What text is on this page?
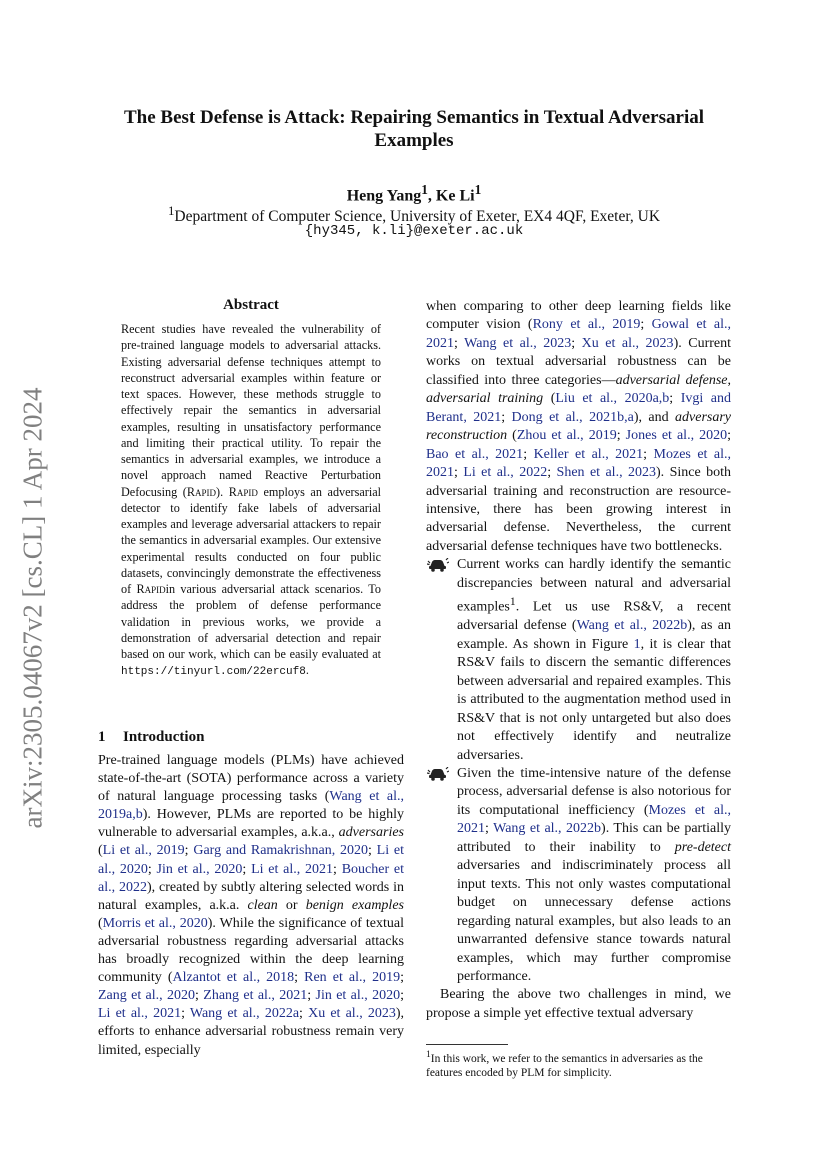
arXiv:2305.04067v2 [cs.CL] 1 Apr 2024
The Best Defense is Attack: Repairing Semantics in Textual Adversarial Examples
Heng Yang$^1$, Ke Li$^1$
$^1$Department of Computer Science, University of Exeter, EX4 4QF, Exeter, UK
{hy345, k.li}@exeter.ac.uk
Abstract
Recent studies have revealed the vulnerability of pre-trained language models to adversarial attacks. Existing adversarial defense techniques attempt to reconstruct adversarial examples within feature or text spaces. However, these methods struggle to effectively repair the semantics in adversarial examples, resulting in unsatisfactory performance and limiting their practical utility. To repair the semantics in adversarial examples, we introduce a novel approach named Reactive Perturbation Defocusing (Rapid). Rapid employs an adversarial detector to identify fake labels of adversarial examples and leverage adversarial attackers to repair the semantics in adversarial examples. Our extensive experimental results conducted on four public datasets, convincingly demonstrate the effectiveness of Rapidin various adversarial attack scenarios. To address the problem of defense performance validation in previous works, we provide a demonstration of adversarial detection and repair based on our work, which can be easily evaluated at https://tinyurl.com/22ercuf8.
1 Introduction
Pre-trained language models (PLMs) have achieved state-of-the-art (SOTA) performance across a variety of natural language processing tasks (Wang et al., 2019a,b). However, PLMs are reported to be highly vulnerable to adversarial examples, a.k.a., adversaries (Li et al., 2019; Garg and Ramakrishnan, 2020; Li et al., 2020; Jin et al., 2020; Li et al., 2021; Boucher et al., 2022), created by subtly altering selected words in natural examples, a.k.a. clean or benign examples (Morris et al., 2020). While the significance of textual adversarial robustness regarding adversarial attacks has broadly recognized within the deep learning community (Alzantot et al., 2018; Ren et al., 2019; Zang et al., 2020; Zhang et al., 2021; Jin et al., 2020; Li et al., 2021; Wang et al., 2022a; Xu et al., 2023), efforts to enhance adversarial robustness remain very limited, especially

when comparing to other deep learning fields like computer vision (Rony et al., 2019; Gowal et al., 2021; Wang et al., 2023; Xu et al., 2023). Current works on textual adversarial robustness can be classified into three categories—adversarial defense, adversarial training (Liu et al., 2020a,b; Ivgi and Berant, 2021; Dong et al., 2021b,a), and adversary reconstruction (Zhou et al., 2019; Jones et al., 2020; Bao et al., 2021; Keller et al., 2021; Mozes et al., 2021; Li et al., 2022; Shen et al., 2023). Since both adversarial training and reconstruction are resource-intensive, there has been growing interest in adversarial defense. Nevertheless, the current adversarial defense techniques have two bottlenecks.

Current works can hardly identify the semantic discrepancies between natural and adversarial examples$^1$. Let us use RS&V, a recent adversarial defense (Wang et al., 2022b), as an example. As shown in Figure 1, it is clear that RS&V fails to discern the semantic differences between adversarial and repaired examples. This is attributed to the augmentation method used in RS&V that is not only untargeted but also does not effectively identify and neutralize adversaries.

Given the time-intensive nature of the defense process, adversarial defense is also notorious for its computational inefficiency (Mozes et al., 2021; Wang et al., 2022b). This can be partially attributed to their inability to pre-detect adversaries and indiscriminately process all input texts. This not only wastes computational budget on unnecessary defense actions regarding natural examples, but also leads to an unwarranted defensive stance towards natural examples, which may further compromise performance.

Bearing the above two challenges in mind, we propose a simple yet effective textual adversary

$^1$In this work, we refer to the semantics in adversaries as the features encoded by PLM for simplicity.
